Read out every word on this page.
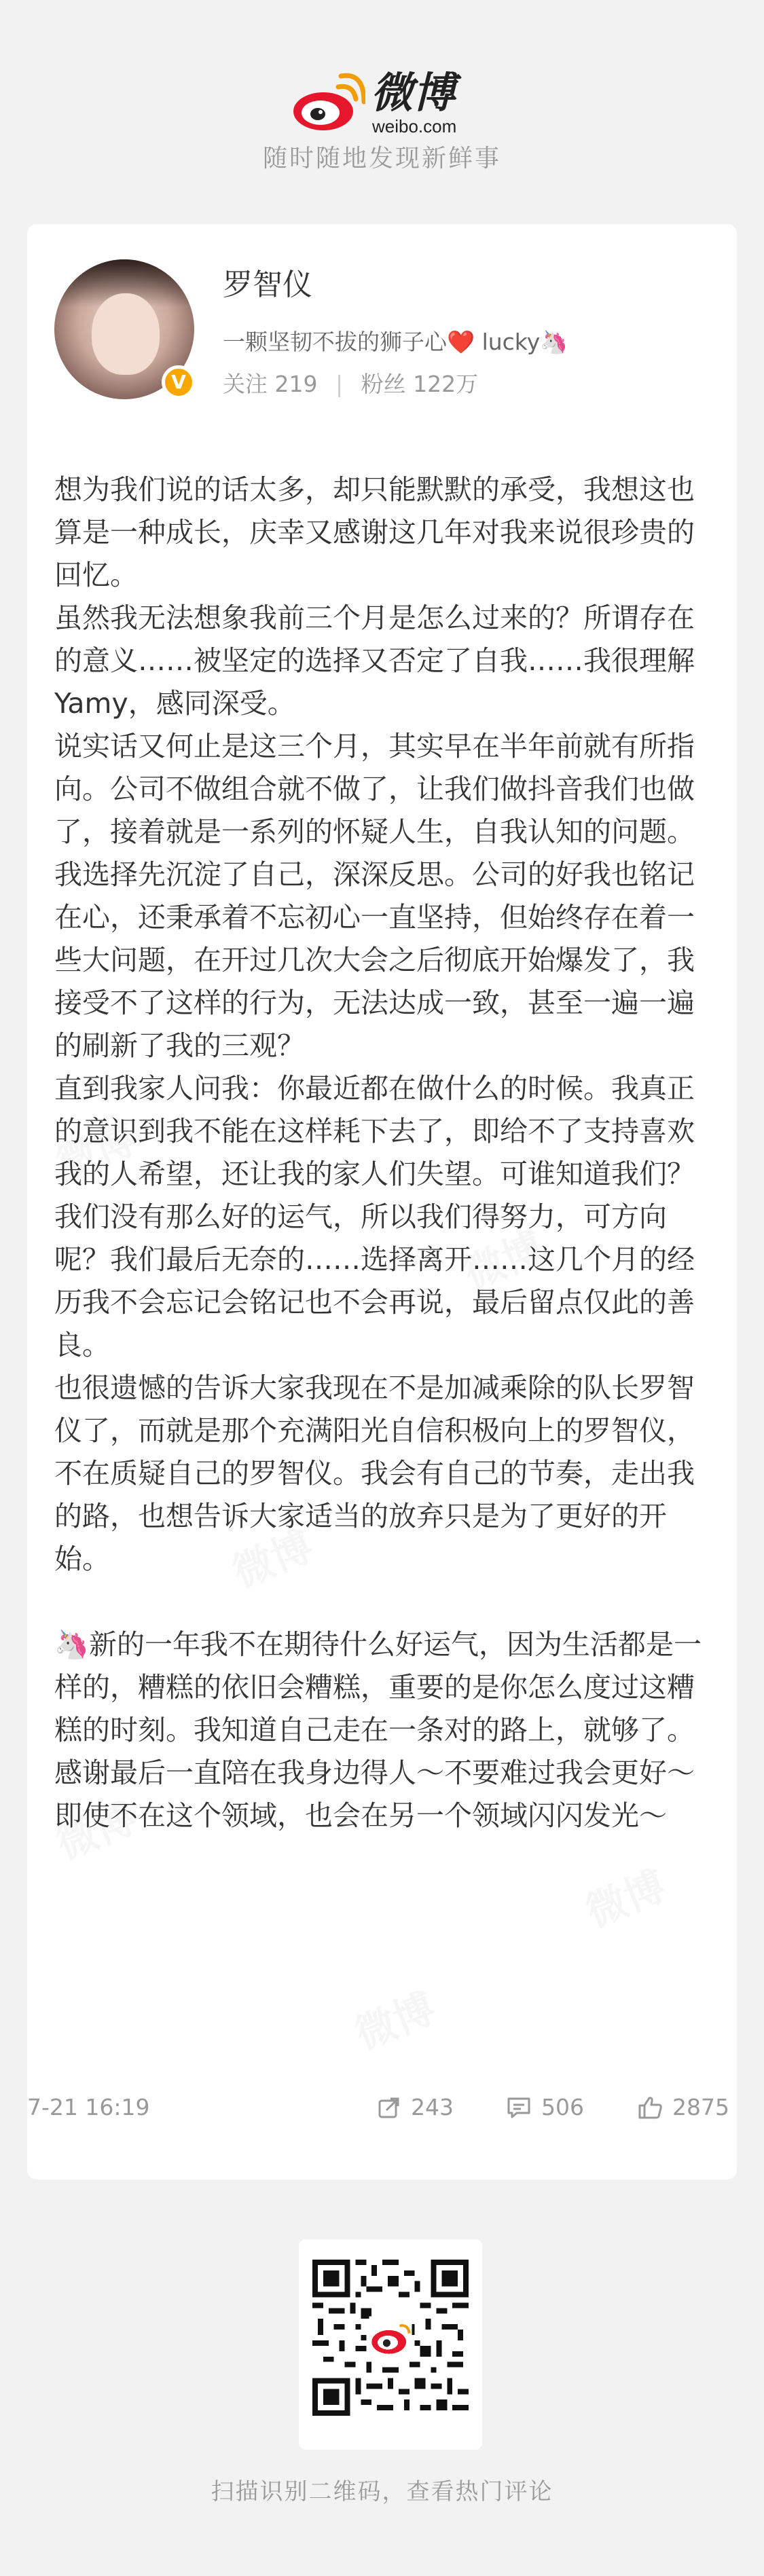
微博
weibo.com
随时随地发现新鲜事
V
罗智仪
一颗坚韧不拔的狮子心❤️ lucky🦄
关注 219 | 粉丝 122万

想为我们说的话太多，却只能默默的承受，我想这也算是一种成长，庆幸又感谢这几年对我来说很珍贵的回忆。

虽然我无法想象我前三个月是怎么过来的？所谓存在的意义……被坚定的选择又否定了自我……我很理解 Yamy，感同深受。

说实话又何止是这三个月，其实早在半年前就有所指向。公司不做组合就不做了，让我们做抖音我们也做了，接着就是一系列的怀疑人生，自我认知的问题。

我选择先沉淀了自己，深深反思。公司的好我也铭记在心，还秉承着不忘初心一直坚持，但始终存在着一些大问题，在开过几次大会之后彻底开始爆发了，我接受不了这样的行为，无法达成一致，甚至一遍一遍的刷新了我的三观？

直到我家人问我：你最近都在做什么的时候。我真正的意识到我不能在这样耗下去了，即给不了支持喜欢我的人希望，还让我的家人们失望。可谁知道我们？我们没有那么好的运气，所以我们得努力，可方向呢？我们最后无奈的……选择离开……这几个月的经历我不会忘记会铭记也不会再说，最后留点仅此的善良。

也很遗憾的告诉大家我现在不是加减乘除的队长罗智仪了，而就是那个充满阳光自信积极向上的罗智仪，不在质疑自己的罗智仪。我会有自己的节奏，走出我的路，也想告诉大家适当的放弃只是为了更好的开始。

🦄新的一年我不在期待什么好运气，因为生活都是一样的，糟糕的依旧会糟糕，重要的是你怎么度过这糟糕的时刻。我知道自己走在一条对的路上，就够了。

感谢最后一直陪在我身边得人～不要难过我会更好～即使不在这个领域，也会在另一个领域闪闪发光～

7-21 16:19	243	506	2875
扫描识别二维码，查看热门评论
